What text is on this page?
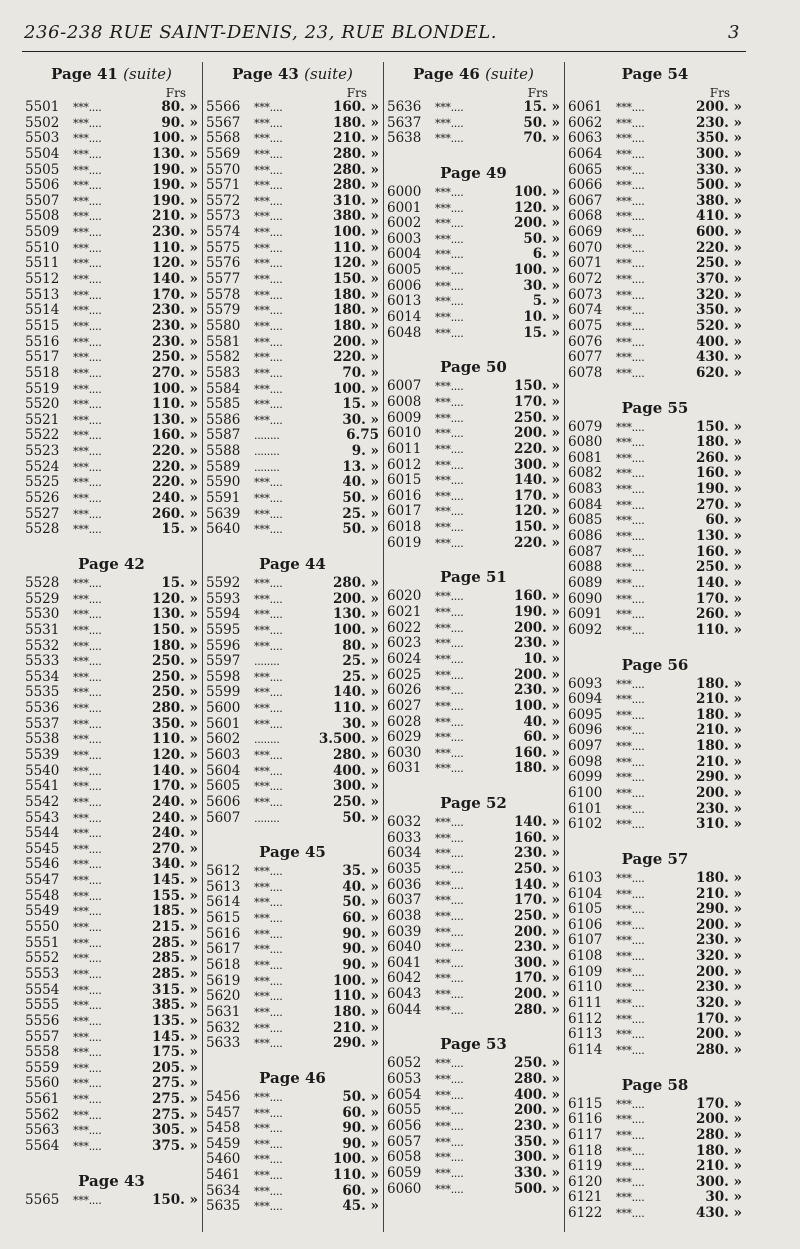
236-238 RUE SAINT-DENIS, 23, RUE BLONDEL.	3
Page 41 (suite)
Frs
5501	***....	80. »
5502	***....	90. »
5503	***....	100. »
5504	***....	130. »
5505	***....	190. »
5506	***....	190. »
5507	***....	190. »
5508	***....	210. »
5509	***....	230. »
5510	***....	110. »
5511	***....	120. »
5512	***....	140. »
5513	***....	170. »
5514	***....	230. »
5515	***....	230. »
5516	***....	230. »
5517	***....	250. »
5518	***....	270. »
5519	***....	100. »
5520	***....	110. »
5521	***....	130. »
5522	***....	160. »
5523	***....	220. »
5524	***....	220. »
5525	***....	220. »
5526	***....	240. »
5527	***....	260. »
5528	***....	15. »
Page 42
5528	***....	15. »
5529	***....	120. »
5530	***....	130. »
5531	***....	150. »
5532	***....	180. »
5533	***....	250. »
5534	***....	250. »
5535	***....	250. »
5536	***....	280. »
5537	***....	350. »
5538	***....	110. »
5539	***....	120. »
5540	***....	140. »
5541	***....	170. »
5542	***....	240. »
5543	***....	240. »
5544	***....	240. »
5545	***....	270. »
5546	***....	340. »
5547	***....	145. »
5548	***....	155. »
5549	***....	185. »
5550	***....	215. »
5551	***....	285. »
5552	***....	285. »
5553	***....	285. »
5554	***....	315. »
5555	***....	385. »
5556	***....	135. »
5557	***....	145. »
5558	***....	175. »
5559	***....	205. »
5560	***....	275. »
5561	***....	275. »
5562	***....	275. »
5563	***....	305. »
5564	***....	375. »
Page 43
5565	***....	150. »
Page 43 (suite)
Frs
5566	***....	160. »
5567	***....	180. »
5568	***....	210. »
5569	***....	280. »
5570	***....	280. »
5571	***....	280. »
5572	***....	310. »
5573	***....	380. »
5574	***....	100. »
5575	***....	110. »
5576	***....	120. »
5577	***....	150. »
5578	***....	180. »
5579	***....	180. »
5580	***....	180. »
5581	***....	200. »
5582	***....	220. »
5583	***....	70. »
5584	***....	100. »
5585	***....	15. »
5586	***....	30. »
5587	........	6.75
5588	........	9. »
5589	........	13. »
5590	***....	40. »
5591	***....	50. »
5639	***....	25. »
5640	***....	50. »
Page 44
5592	***....	280. »
5593	***....	200. »
5594	***....	130. »
5595	***....	100. »
5596	***....	80. »
5597	........	25. »
5598	***....	25. »
5599	***....	140. »
5600	***....	110. »
5601	***....	30. »
5602	........	3.500. »
5603	***....	280. »
5604	***....	400. »
5605	***....	300. »
5606	***....	250. »
5607	........	50. »
Page 45
5612	***....	35. »
5613	***....	40. »
5614	***....	50. »
5615	***....	60. »
5616	***....	90. »
5617	***....	90. »
5618	***....	90. »
5619	***....	100. »
5620	***....	110. »
5631	***....	180. »
5632	***....	210. »
5633	***....	290. »
Page 46
5456	***....	50. »
5457	***....	60. »
5458	***....	90. »
5459	***....	90. »
5460	***....	100. »
5461	***....	110. »
5634	***....	60. »
5635	***....	45. »
Page 46 (suite)
Frs
5636	***....	15. »
5637	***....	50. »
5638	***....	70. »
Page 49
6000	***....	100. »
6001	***....	120. »
6002	***....	200. »
6003	***....	50. »
6004	***....	6. »
6005	***....	100. »
6006	***....	30. »
6013	***....	5. »
6014	***....	10. »
6048	***....	15. »
Page 50
6007	***....	150. »
6008	***....	170. »
6009	***....	250. »
6010	***....	200. »
6011	***....	220. »
6012	***....	300. »
6015	***....	140. »
6016	***....	170. »
6017	***....	120. »
6018	***....	150. »
6019	***....	220. »
Page 51
6020	***....	160. »
6021	***....	190. »
6022	***....	200. »
6023	***....	230. »
6024	***....	10. »
6025	***....	200. »
6026	***....	230. »
6027	***....	100. »
6028	***....	40. »
6029	***....	60. »
6030	***....	160. »
6031	***....	180. »
Page 52
6032	***....	140. »
6033	***....	160. »
6034	***....	230. »
6035	***....	250. »
6036	***....	140. »
6037	***....	170. »
6038	***....	250. »
6039	***....	200. »
6040	***....	230. »
6041	***....	300. »
6042	***....	170. »
6043	***....	200. »
6044	***....	280. »
Page 53
6052	***....	250. »
6053	***....	280. »
6054	***....	400. »
6055	***....	200. »
6056	***....	230. »
6057	***....	350. »
6058	***....	300. »
6059	***....	330. »
6060	***....	500. »
Page 54
Frs
6061	***....	200. »
6062	***....	230. »
6063	***....	350. »
6064	***....	300. »
6065	***....	330. »
6066	***....	500. »
6067	***....	380. »
6068	***....	410. »
6069	***....	600. »
6070	***....	220. »
6071	***....	250. »
6072	***....	370. »
6073	***....	320. »
6074	***....	350. »
6075	***....	520. »
6076	***....	400. »
6077	***....	430. »
6078	***....	620. »
Page 55
6079	***....	150. »
6080	***....	180. »
6081	***....	260. »
6082	***....	160. »
6083	***....	190. »
6084	***....	270. »
6085	***....	60. »
6086	***....	130. »
6087	***....	160. »
6088	***....	250. »
6089	***....	140. »
6090	***....	170. »
6091	***....	260. »
6092	***....	110. »
Page 56
6093	***....	180. »
6094	***....	210. »
6095	***....	180. »
6096	***....	210. »
6097	***....	180. »
6098	***....	210. »
6099	***....	290. »
6100	***....	200. »
6101	***....	230. »
6102	***....	310. »
Page 57
6103	***....	180. »
6104	***....	210. »
6105	***....	290. »
6106	***....	200. »
6107	***....	230. »
6108	***....	320. »
6109	***....	200. »
6110	***....	230. »
6111	***....	320. »
6112	***....	170. »
6113	***....	200. »
6114	***....	280. »
Page 58
6115	***....	170. »
6116	***....	200. »
6117	***....	280. »
6118	***....	180. »
6119	***....	210. »
6120	***....	300. »
6121	***....	30. »
6122	***....	430. »
